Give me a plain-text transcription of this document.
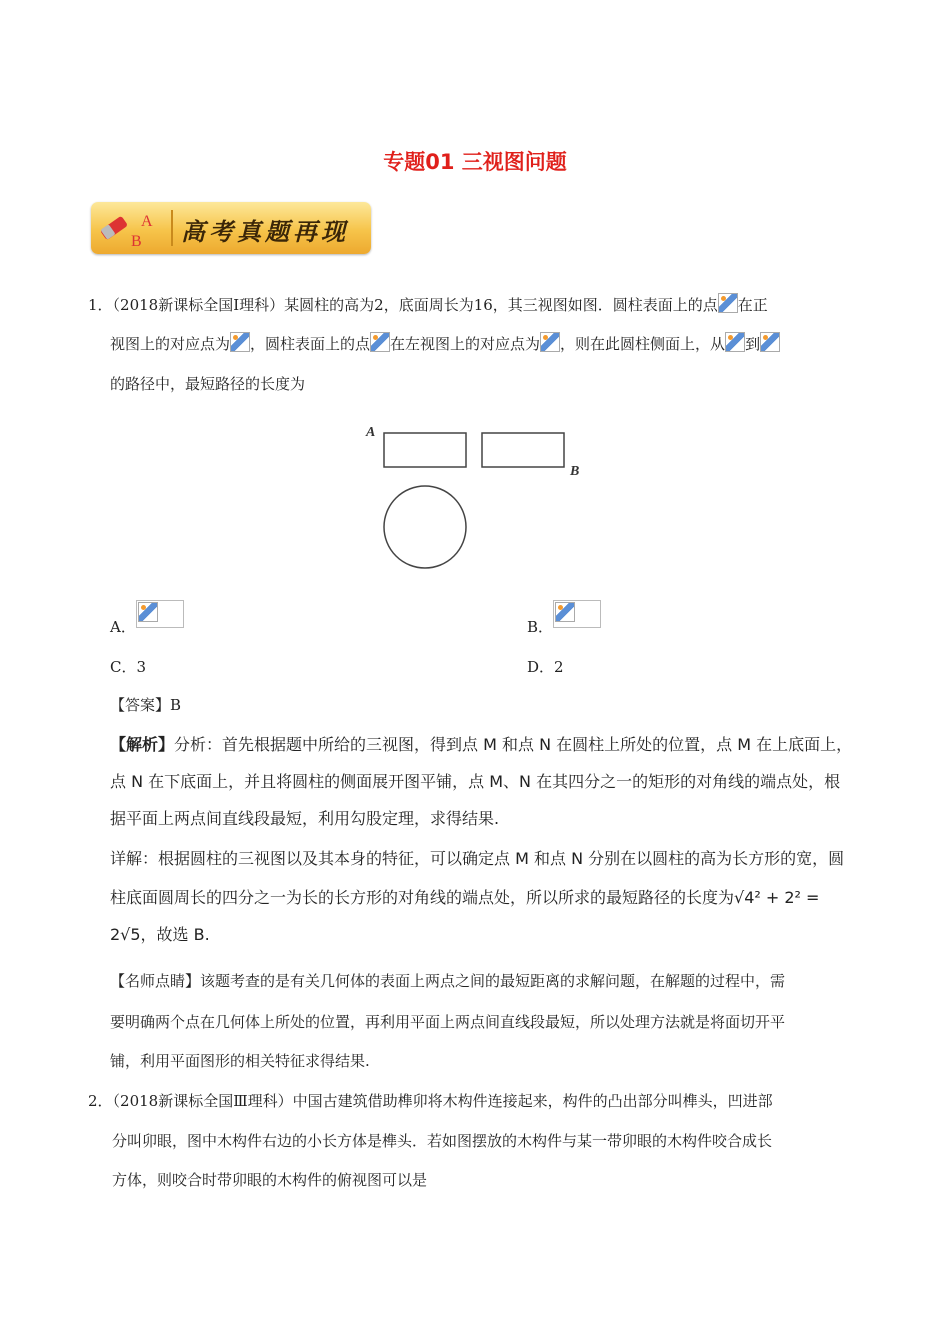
专题01 三视图问题
A
B 高考真题再现
1．（2018新课标全国Ⅰ理科）某圆柱的高为2，底面周长为16，其三视图如图．圆柱表面上的点 在正
视图上的对应点为 ，圆柱表面上的点 在左视图上的对应点为 ，则在此圆柱侧面上，从 到
的路径中，最短路径的长度为
A
B
A．	B．
C．3	D．2
【答案】B
【解析】分析：首先根据题中所给的三视图，得到点 M 和点 N 在圆柱上所处的位置，点 M 在上底面上，
点 N 在下底面上，并且将圆柱的侧面展开图平铺，点 M、N 在其四分之一的矩形的对角线的端点处，根
据平面上两点间直线段最短，利用勾股定理，求得结果.
详解：根据圆柱的三视图以及其本身的特征，可以确定点 M 和点 N 分别在以圆柱的高为长方形的宽，圆
柱底面圆周长的四分之一为长的长方形的对角线的端点处，所以所求的最短路径的长度为√4² + 2² =
2√5，故选 B.
【名师点睛】该题考查的是有关几何体的表面上两点之间的最短距离的求解问题，在解题的过程中，需
要明确两个点在几何体上所处的位置，再利用平面上两点间直线段最短，所以处理方法就是将面切开平
铺，利用平面图形的相关特征求得结果.
2．（2018新课标全国Ⅲ理科）中国古建筑借助榫卯将木构件连接起来，构件的凸出部分叫榫头，凹进部
分叫卯眼，图中木构件右边的小长方体是榫头．若如图摆放的木构件与某一带卯眼的木构件咬合成长
方体，则咬合时带卯眼的木构件的俯视图可以是
